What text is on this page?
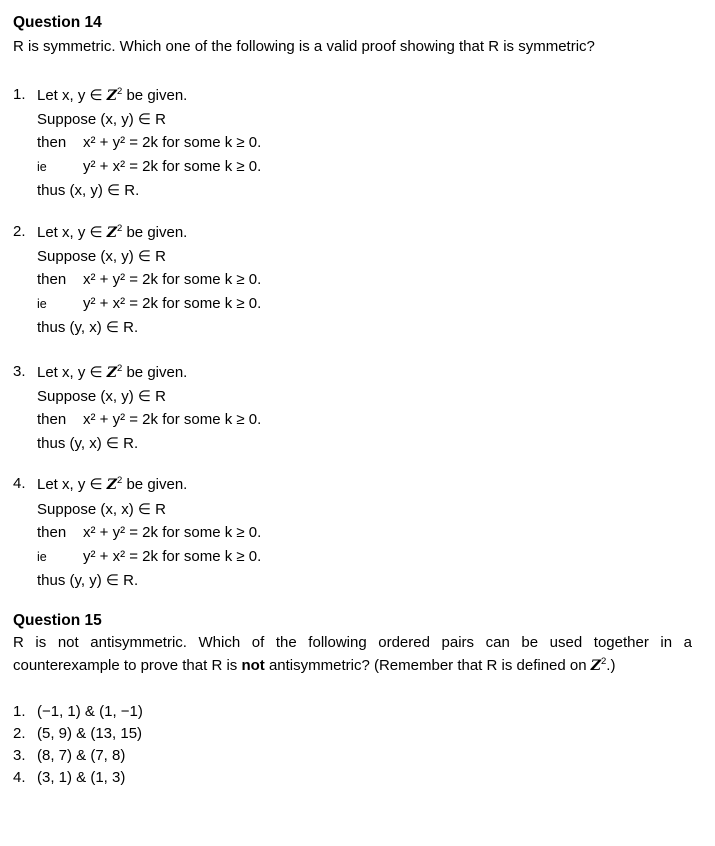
Question 14
R is symmetric. Which one of the following is a valid proof showing that R is symmetric?
1. Let x, y ∈ $Z^2$ be given.
Suppose (x, y) ∈ R
then x² + y² = 2k for some k ≥ 0.
ie y² + x² = 2k for some k ≥ 0.
thus (x, y) ∈ R.
2. Let x, y ∈ $Z^2$ be given.
Suppose (x, y) ∈ R
then x² + y² = 2k for some k ≥ 0.
ie y² + x² = 2k for some k ≥ 0.
thus (y, x) ∈ R.
3. Let x, y ∈ $Z^2$ be given.
Suppose (x, y) ∈ R
then x² + y² = 2k for some k ≥ 0.
thus (y, x) ∈ R.
4. Let x, y ∈ $Z^2$ be given.
Suppose (x, x) ∈ R
then x² + y² = 2k for some k ≥ 0.
ie y² + x² = 2k for some k ≥ 0.
thus (y, y) ∈ R.
Question 15
R is not antisymmetric. Which of the following ordered pairs can be used together in a
counterexample to prove that R is not antisymmetric? (Remember that R is defined on $Z^2$.)
1. (−1, 1) & (1, −1)
2. (5, 9) & (13, 15)
3. (8, 7) & (7, 8)
4. (3, 1) & (1, 3)
